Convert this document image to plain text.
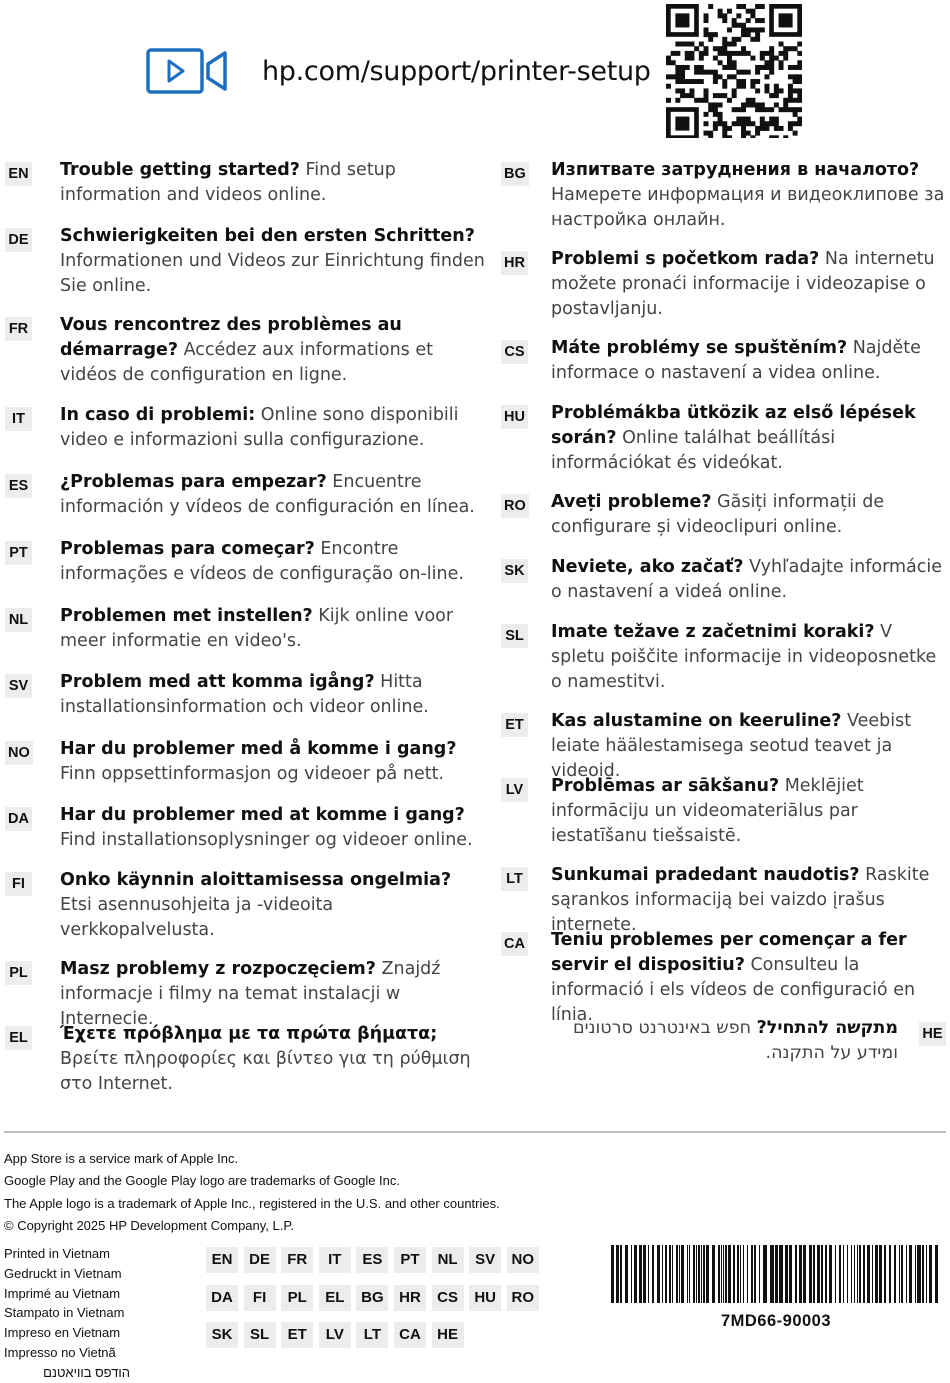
hp.com/support/printer-setup
EN Trouble getting started? Find setup information and videos online.
DE Schwierigkeiten bei den ersten Schritten? Informationen und Videos zur Einrichtung finden Sie online.
FR Vous rencontrez des problèmes au démarrage? Accédez aux informations et vidéos de configuration en ligne.
IT	In caso di problemi: Online sono disponibili video e informazioni sulla configurazione.
ES ¿Problemas para empezar? Encuentre información y vídeos de configuración en línea.
PT Problemas para começar? Encontre informações e vídeos de configuração on-line.
NL Problemen met instellen? Kijk online voor meer informatie en video's.
SV Problem med att komma igång? Hitta installationsinformation och videor online.
NO Har du problemer med å komme i gang? Finn oppsettinformasjon og videoer på nett.
DA Har du problemer med at komme i gang? Find installationsoplysninger og videoer online.
FI	Onko käynnin aloittamisessa ongelmia? Etsi asennusohjeita ja -videoita verkkopalvelusta.
PL Masz problemy z rozpoczęciem? Znajdź informacje i filmy na temat instalacji w Internecie.
EL Έχετε πρόβλημα με τα πρώτα βήματα; Βρείτε πληροφορίες και βίντεο για τη ρύθμιση στο Internet.
BG Изпитвате затруднения в началото? Намерете информация и видеоклипове за настройка онлайн.
HR Problemi s početkom rada? Na internetu možete pronaći informacije i videozapise o postavljanju.
CS Máte problémy se spuštěním? Najděte informace o nastavení a videa online.
HU Problémákba ütközik az első lépések során? Online találhat beállítási információkat és videókat.
RO Aveți probleme? Găsiți informații de configurare și videoclipuri online.
SK Neviete, ako začať? Vyhľadajte informácie o nastavení a videá online.
SL Imate težave z začetnimi koraki? V spletu poiščite informacije in videoposnetke o namestitvi.
ET Kas alustamine on keeruline? Veebist leiate häälestamisega seotud teavet ja videoid.
LV Problēmas ar sākšanu? Meklējiet informāciju un videomateriālus par iestatīšanu tiešsaistē.
LT Sunkumai pradedant naudotis? Raskite sąrankos informaciją bei vaizdo įrašus internete.
CA Teniu problemes per començar a fer servir el dispositiu? Consulteu la informació i els vídeos de configuració en línia.
מתקשה להתחיל? חפש באינטרנט סרטונים ומידע על התקנה.
HE
App Store is a service mark of Apple Inc.
Google Play and the Google Play logo are trademarks of Google Inc.
The Apple logo is a trademark of Apple Inc., registered in the U.S. and other countries.
© Copyright 2025 HP Development Company, L.P.
Printed in Vietnam
Gedruckt in Vietnam
Imprimé au Vietnam
Stampato in Vietnam
Impreso en Vietnam
Impresso no Vietnã
הודפס בוויאטנם
EN	DE	FR	IT	ES	PT	NL	SV	NO
DA	FI	PL	EL	BG	HR	CS	HU	RO
SK	SL	ET	LV	LT	CA	HE
7MD66-90003
